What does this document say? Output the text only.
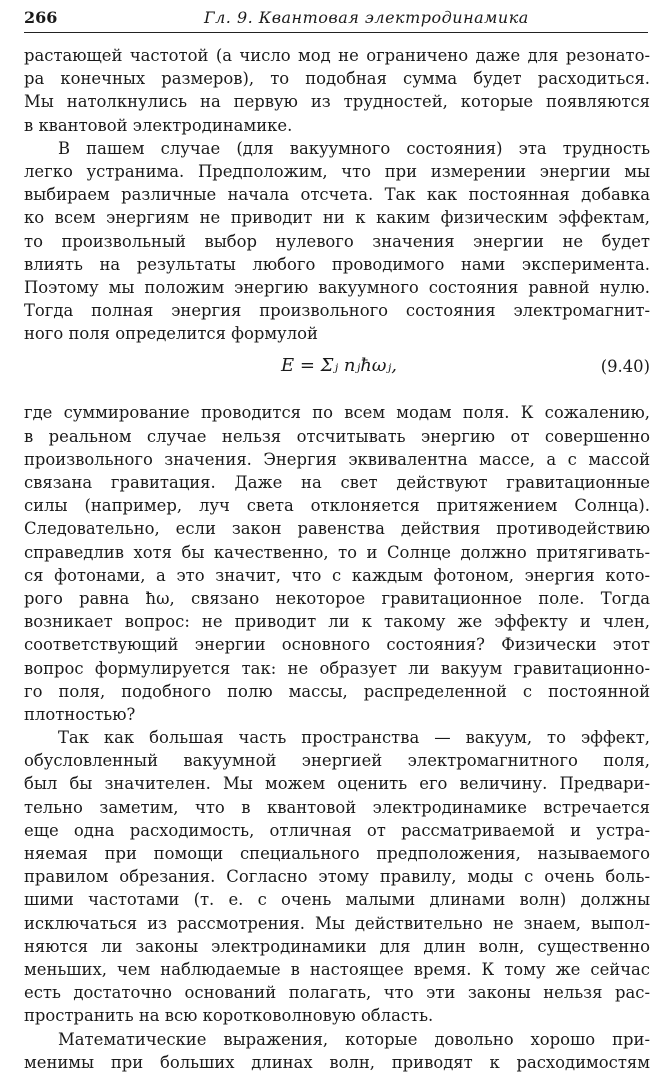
266	Гл. 9. Квантовая электродинамика
растающей частотой (а число мод не ограничено даже для резонато-
ра конечных размеров), то подобная сумма будет расходиться.
Мы натолкнулись на первую из трудностей, которые появляются
в квантовой электродинамике.
В пашем случае (для вакуумного состояния) эта трудность
легко устранима. Предположим, что при измерении энергии мы
выбираем различные начала отсчета. Так как постоянная добавка
ко всем энергиям не приводит ни к каким физическим эффектам,
то произвольный выбор нулевого значения энергии не будет
влиять на результаты любого проводимого нами эксперимента.
Поэтому мы положим энергию вакуумного состояния равной нулю.
Тогда полная энергия произвольного состояния электромагнит-
ного поля определится формулой
E = Σⱼ nⱼħωⱼ,	(9.40)
где суммирование проводится по всем модам поля. К сожалению,
в реальном случае нельзя отсчитывать энергию от совершенно
произвольного значения. Энергия эквивалентна массе, а с массой
связана гравитация. Даже на свет действуют гравитационные
силы (например, луч света отклоняется притяжением Солнца).
Следовательно, если закон равенства действия противодействию
справедлив хотя бы качественно, то и Солнце должно притягивать-
ся фотонами, а это значит, что с каждым фотоном, энергия кото-
рого равна ħω, связано некоторое гравитационное поле. Тогда
возникает вопрос: не приводит ли к такому же эффекту и член,
соответствующий энергии основного состояния? Физически этот
вопрос формулируется так: не образует ли вакуум гравитационно-
го поля, подобного полю массы, распределенной с постоянной
плотностью?
Так как большая часть пространства — вакуум, то эффект,
обусловленный вакуумной энергией электромагнитного поля,
был бы значителен. Мы можем оценить его величину. Предвари-
тельно заметим, что в квантовой электродинамике встречается
еще одна расходимость, отличная от рассматриваемой и устра-
няемая при помощи специального предположения, называемого
правилом обрезания. Согласно этому правилу, моды с очень боль-
шими частотами (т. е. с очень малыми длинами волн) должны
исключаться из рассмотрения. Мы действительно не знаем, выпол-
няются ли законы электродинамики для длин волн, существенно
меньших, чем наблюдаемые в настоящее время. К тому же сейчас
есть достаточно оснований полагать, что эти законы нельзя рас-
пространить на всю коротковолновую область.
Математические выражения, которые довольно хорошо при-
менимы при больших длинах волн, приводят к расходимостям
